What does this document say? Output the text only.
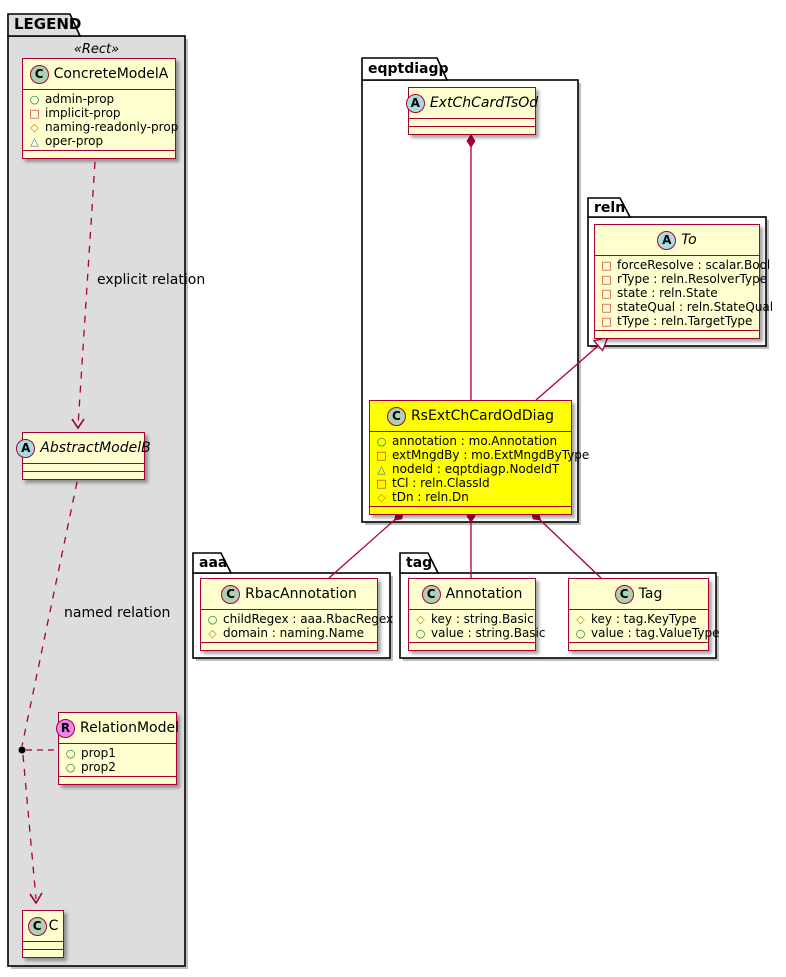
LEGEND
eqptdiagp
reln
aaa	tag
«Rect»
explicit relation
named relation
C ConcreteModelA
○
admin-prop
□
implicit-prop
◇
naming-readonly-prop
△
oper-prop
A AbstractModelB
R RelationModel
○
prop1
○
prop2
C C
A ExtChCardTsOd
C RsExtChCardOdDiag
○
annotation : mo.Annotation
□
extMngdBy : mo.ExtMngdByType
△
nodeId : eqptdiagp.NodeIdT
□
tCl : reln.ClassId
◇
tDn : reln.Dn
A To
□
forceResolve : scalar.Bool
□
rType : reln.ResolverType
□
state : reln.State
□
stateQual : reln.StateQual
□
tType : reln.TargetType
C RbacAnnotation
○
childRegex : aaa.RbacRegex
◇
domain : naming.Name
C Annotation
◇
key : string.Basic
○
value : string.Basic
C Tag
◇
key : tag.KeyType
○
value : tag.ValueType
